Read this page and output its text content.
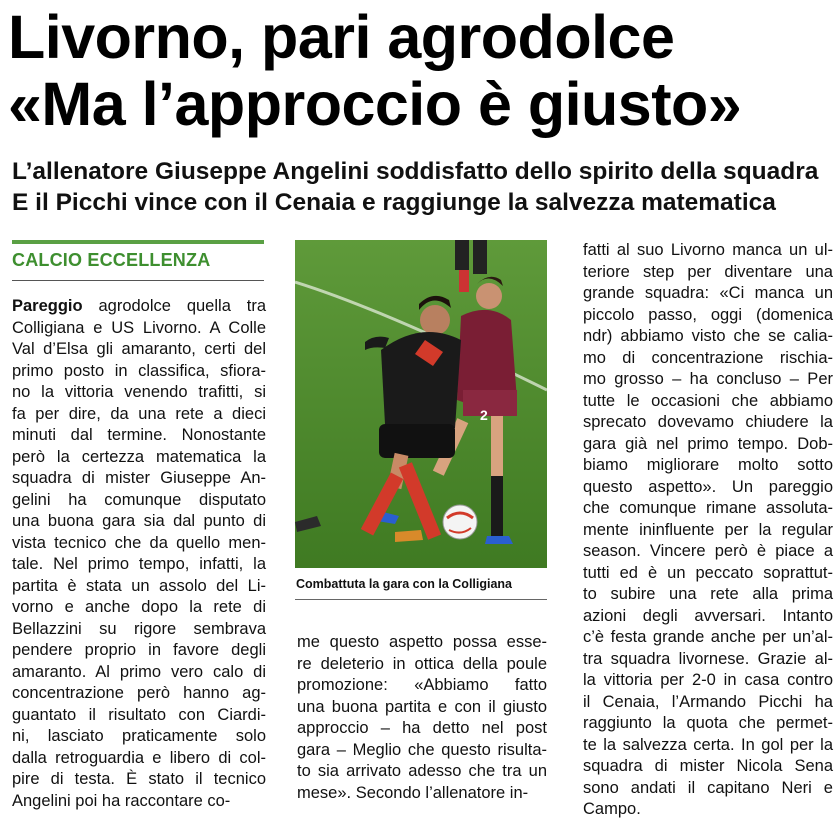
Livorno, pari agrodolce
«Ma l’approccio è giusto»
L’allenatore Giuseppe Angelini soddisfatto dello spirito della squadra
E il Picchi vince con il Cenaia e raggiunge la salvezza matematica
CALCIO ECCELLENZA
Pareggio agrodolce quella tra
Colligiana e US Livorno. A Colle
Val d’Elsa gli amaranto, certi del
primo posto in classifica, sfiora-
no la vittoria venendo trafitti, si
fa per dire, da una rete a dieci
minuti dal termine. Nonostante
però la certezza matematica la
squadra di mister Giuseppe An-
gelini ha comunque disputato
una buona gara sia dal punto di
vista tecnico che da quello men-
tale. Nel primo tempo, infatti, la
partita è stata un assolo del Li-
vorno e anche dopo la rete di
Bellazzini su rigore sembrava
pendere proprio in favore degli
amaranto. Al primo vero calo di
concentrazione però hanno ag-
guantato il risultato con Ciardi-
ni, lasciato praticamente solo
dalla retroguardia e libero di col-
pire di testa. È stato il tecnico
Angelini poi ha raccontare co-
2
Combattuta la gara con la Colligiana
me questo aspetto possa esse-
re deleterio in ottica della poule
promozione: «Abbiamo fatto
una buona partita e con il giusto
approccio – ha detto nel post
gara – Meglio che questo risulta-
to sia arrivato adesso che tra un
mese». Secondo l’allenatore in-
fatti al suo Livorno manca un ul-
teriore step per diventare una
grande squadra: «Ci manca un
piccolo passo, oggi (domenica
ndr) abbiamo visto che se calia-
mo di concentrazione rischia-
mo grosso – ha concluso – Per
tutte le occasioni che abbiamo
sprecato dovevamo chiudere la
gara già nel primo tempo. Dob-
biamo migliorare molto sotto
questo aspetto». Un pareggio
che comunque rimane assoluta-
mente ininfluente per la regular
season. Vincere però è piace a
tutti ed è un peccato soprattut-
to subire una rete alla prima
azioni degli avversari. Intanto
c’è festa grande anche per un’al-
tra squadra livornese. Grazie al-
la vittoria per 2-0 in casa contro
il Cenaia, l’Armando Picchi ha
raggiunto la quota che permet-
te la salvezza certa. In gol per la
squadra di mister Nicola Sena
sono andati il capitano Neri e
Campo.
